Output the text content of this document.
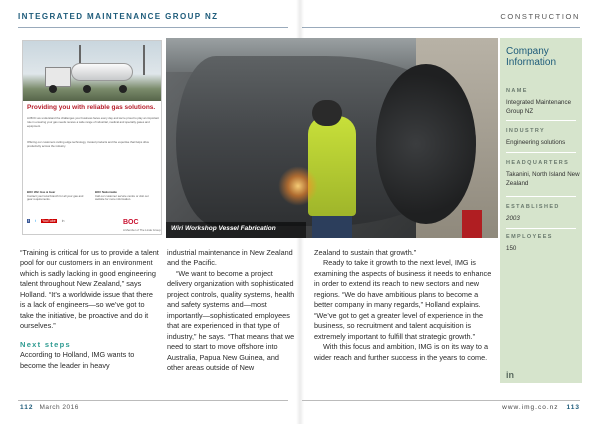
INTEGRATED MAINTENANCE GROUP NZ	CONSTRUCTION
Providing you with reliable gas solutions.
At BOC we understand the challenges your business faces every day and we're proud to play an important role in ensuring your gas needs receive a wide range of industrial, medical and specialty gases and equipment.
Offering our customers cutting edge technology, trusted products and the expertise that helps drive productivity across the industry.
BOC Wiri Gas & Gear
Contact your local branch for all your gas and gear requirements.
BOC Nationwide
Call our customer service centre or visit our website for more information.
f t YouTube in	BOC
A Member of The Linde Group	Wiri Workshop Vessel Fabrication
Company Information
NAME
Integrated Maintenance Group NZ
INDUSTRY
Engineering solutions
HEADQUARTERS
Takanini, North Island New Zealand
ESTABLISHED
2003
EMPLOYEES
150
in

“Training is critical for us to provide a talent pool for our customers in an environment which is sadly lacking in good engineering talent throughout New Zealand,” says Holland. “It’s a worldwide issue that there is a lack of engineers—so we’ve got to take the initiative, be proactive and do it ourselves.”

Next steps

According to Holland, IMG wants to become the leader in heavy

industrial maintenance in New Zealand and the Pacific.

“We want to become a project delivery organization with sophisticated project controls, quality systems, health and safety systems and—most importantly—sophisticated employees that are experienced in that type of industry,” he says. “That means that we need to start to move offshore into Australia, Papua New Guinea, and other areas outside of New

Zealand to sustain that growth.”

Ready to take it growth to the next level, IMG is examining the aspects of business it needs to enhance in order to extend its reach to new sectors and new regions. “We do have ambitious plans to become a better company in many regards,” Holland explains. “We’ve got to get a greater level of experience in the business, so recruitment and talent acquisition is extremely important to fulfill that strategic growth.”

With this focus and ambition, IMG is on its way to a wider reach and further success in the years to come.

112 March 2016	www.img.co.nz 113
